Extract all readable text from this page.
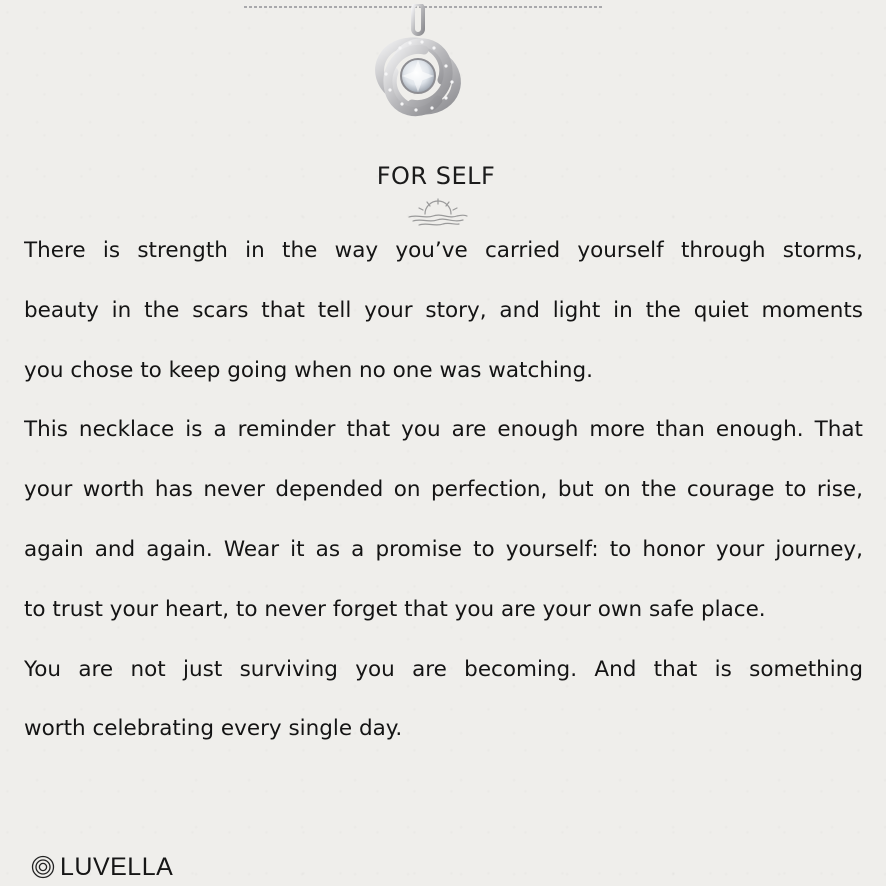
FOR SELF
There is strength in the way you’ve carried yourself through storms,
beauty in the scars that tell your story, and light in the quiet moments
you chose to keep going when no one was watching.
This necklace is a reminder that you are enough more than enough. That
your worth has never depended on perfection, but on the courage to rise,
again and again. Wear it as a promise to yourself: to honor your journey,
to trust your heart, to never forget that you are your own safe place.
You are not just surviving you are becoming. And that is something
worth celebrating every single day.
LUVELLA
